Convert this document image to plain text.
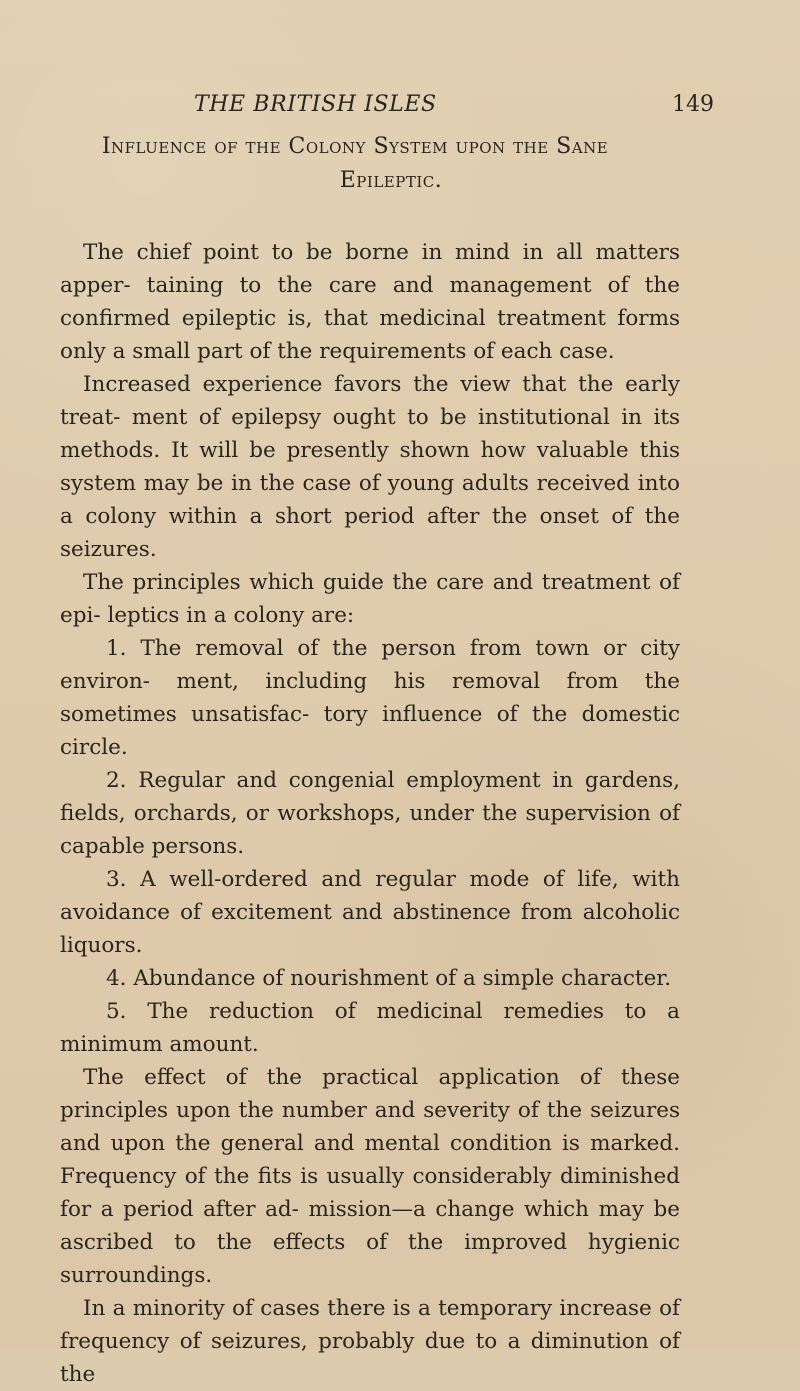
THE BRITISH ISLES	149
Influence of the Colony System upon the Sane
Epileptic.

The chief point to be borne in mind in all matters apper- taining to the care and management of the confirmed epileptic is, that medicinal treatment forms only a small part of the requirements of each case.

Increased experience favors the view that the early treat- ment of epilepsy ought to be institutional in its methods. It will be presently shown how valuable this system may be in the case of young adults received into a colony within a short period after the onset of the seizures.

The principles which guide the care and treatment of epi- leptics in a colony are:

1. The removal of the person from town or city environ- ment, including his removal from the sometimes unsatisfac- tory influence of the domestic circle.

2. Regular and congenial employment in gardens, fields, orchards, or workshops, under the supervision of capable persons.

3. A well-ordered and regular mode of life, with avoidance of excitement and abstinence from alcoholic liquors.

4. Abundance of nourishment of a simple character.

5. The reduction of medicinal remedies to a minimum amount.

The effect of the practical application of these principles upon the number and severity of the seizures and upon the general and mental condition is marked. Frequency of the fits is usually considerably diminished for a period after ad- mission—a change which may be ascribed to the effects of the improved hygienic surroundings.

In a minority of cases there is a temporary increase of frequency of seizures, probably due to a diminution of the
